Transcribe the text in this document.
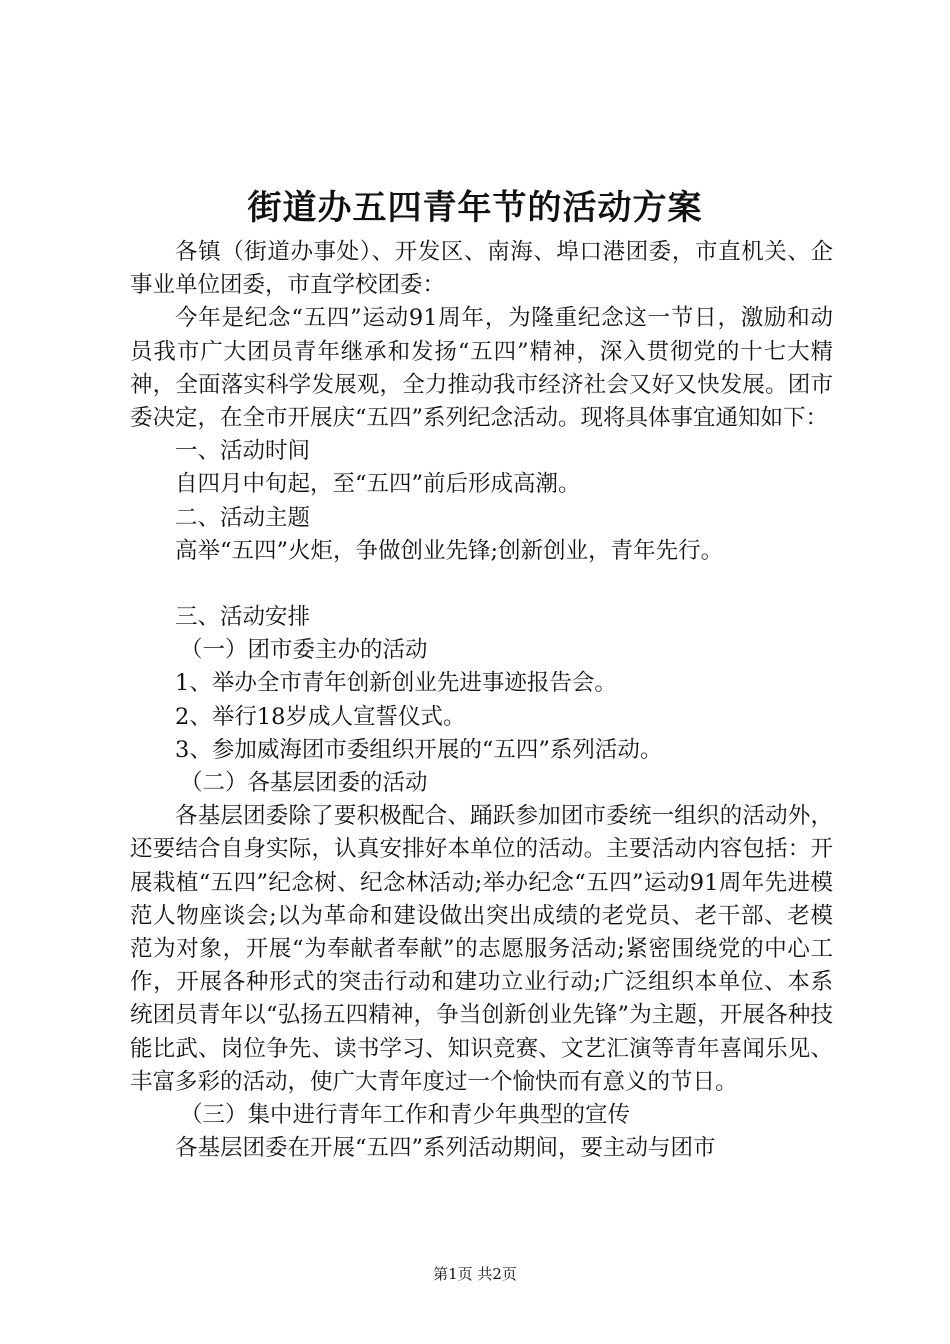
街道办五四青年节的活动方案

各镇（街道办事处）、开发区、南海、埠口港团委，市直机关、企事业单位团委，市直学校团委：

今年是纪念“五四”运动91周年，为隆重纪念这一节日，激励和动员我市广大团员青年继承和发扬“五四”精神，深入贯彻党的十七大精神，全面落实科学发展观，全力推动我市经济社会又好又快发展。团市委决定，在全市开展庆“五四”系列纪念活动。现将具体事宜通知如下：

一、活动时间

自四月中旬起，至“五四”前后形成高潮。

二、活动主题

高举“五四”火炬，争做创业先锋;创新创业，青年先行。

三、活动安排

（一）团市委主办的活动

1、举办全市青年创新创业先进事迹报告会。

2、举行18岁成人宣誓仪式。

3、参加威海团市委组织开展的“五四”系列活动。

（二）各基层团委的活动

各基层团委除了要积极配合、踊跃参加团市委统一组织的活动外，还要结合自身实际，认真安排好本单位的活动。主要活动内容包括：开展栽植“五四”纪念树、纪念林活动;举办纪念“五四”运动91周年先进模范人物座谈会;以为革命和建设做出突出成绩的老党员、老干部、老模范为对象，开展“为奉献者奉献”的志愿服务活动;紧密围绕党的中心工作，开展各种形式的突击行动和建功立业行动;广泛组织本单位、本系统团员青年以“弘扬五四精神，争当创新创业先锋”为主题，开展各种技能比武、岗位争先、读书学习、知识竞赛、文艺汇演等青年喜闻乐见、丰富多彩的活动，使广大青年度过一个愉快而有意义的节日。

（三）集中进行青年工作和青少年典型的宣传

各基层团委在开展“五四”系列活动期间，要主动与团市

第1页 共2页
